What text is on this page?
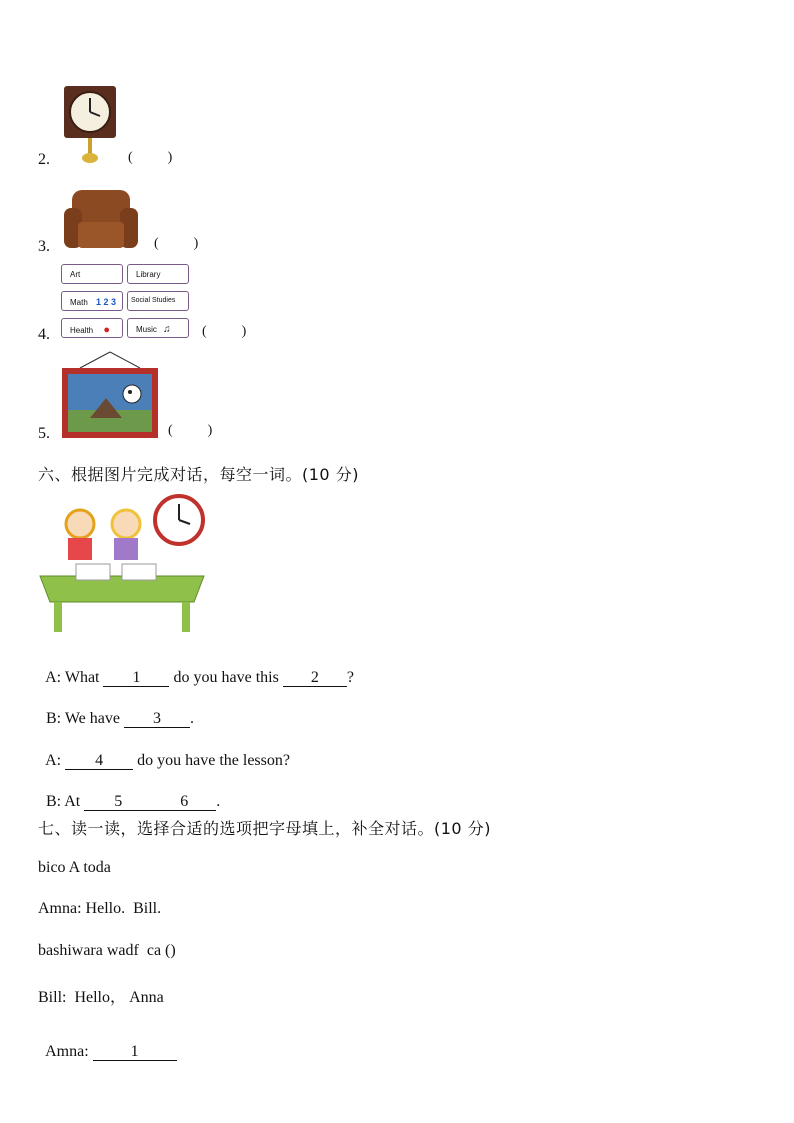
2.	(          )
3.	(          )
Art	Library
Math 1 2 3	Social Studies
Health ●	Music ♫
4.	(          )
5.	(          )
六、根据图片完成对话，每空一词。(10 分)

A: What 1 do you have this 2 ?

B: We have 3 .

A: 4 do you have the lesson?

B: At 5	6 .

七、读一读，选择合适的选项把字母填上，补全对话。(10 分)
bico A toda
Amna: Hello.  Bill.
bashiwara wadf  ca ()
Bill:  Hello， Anna

Amna: 1
